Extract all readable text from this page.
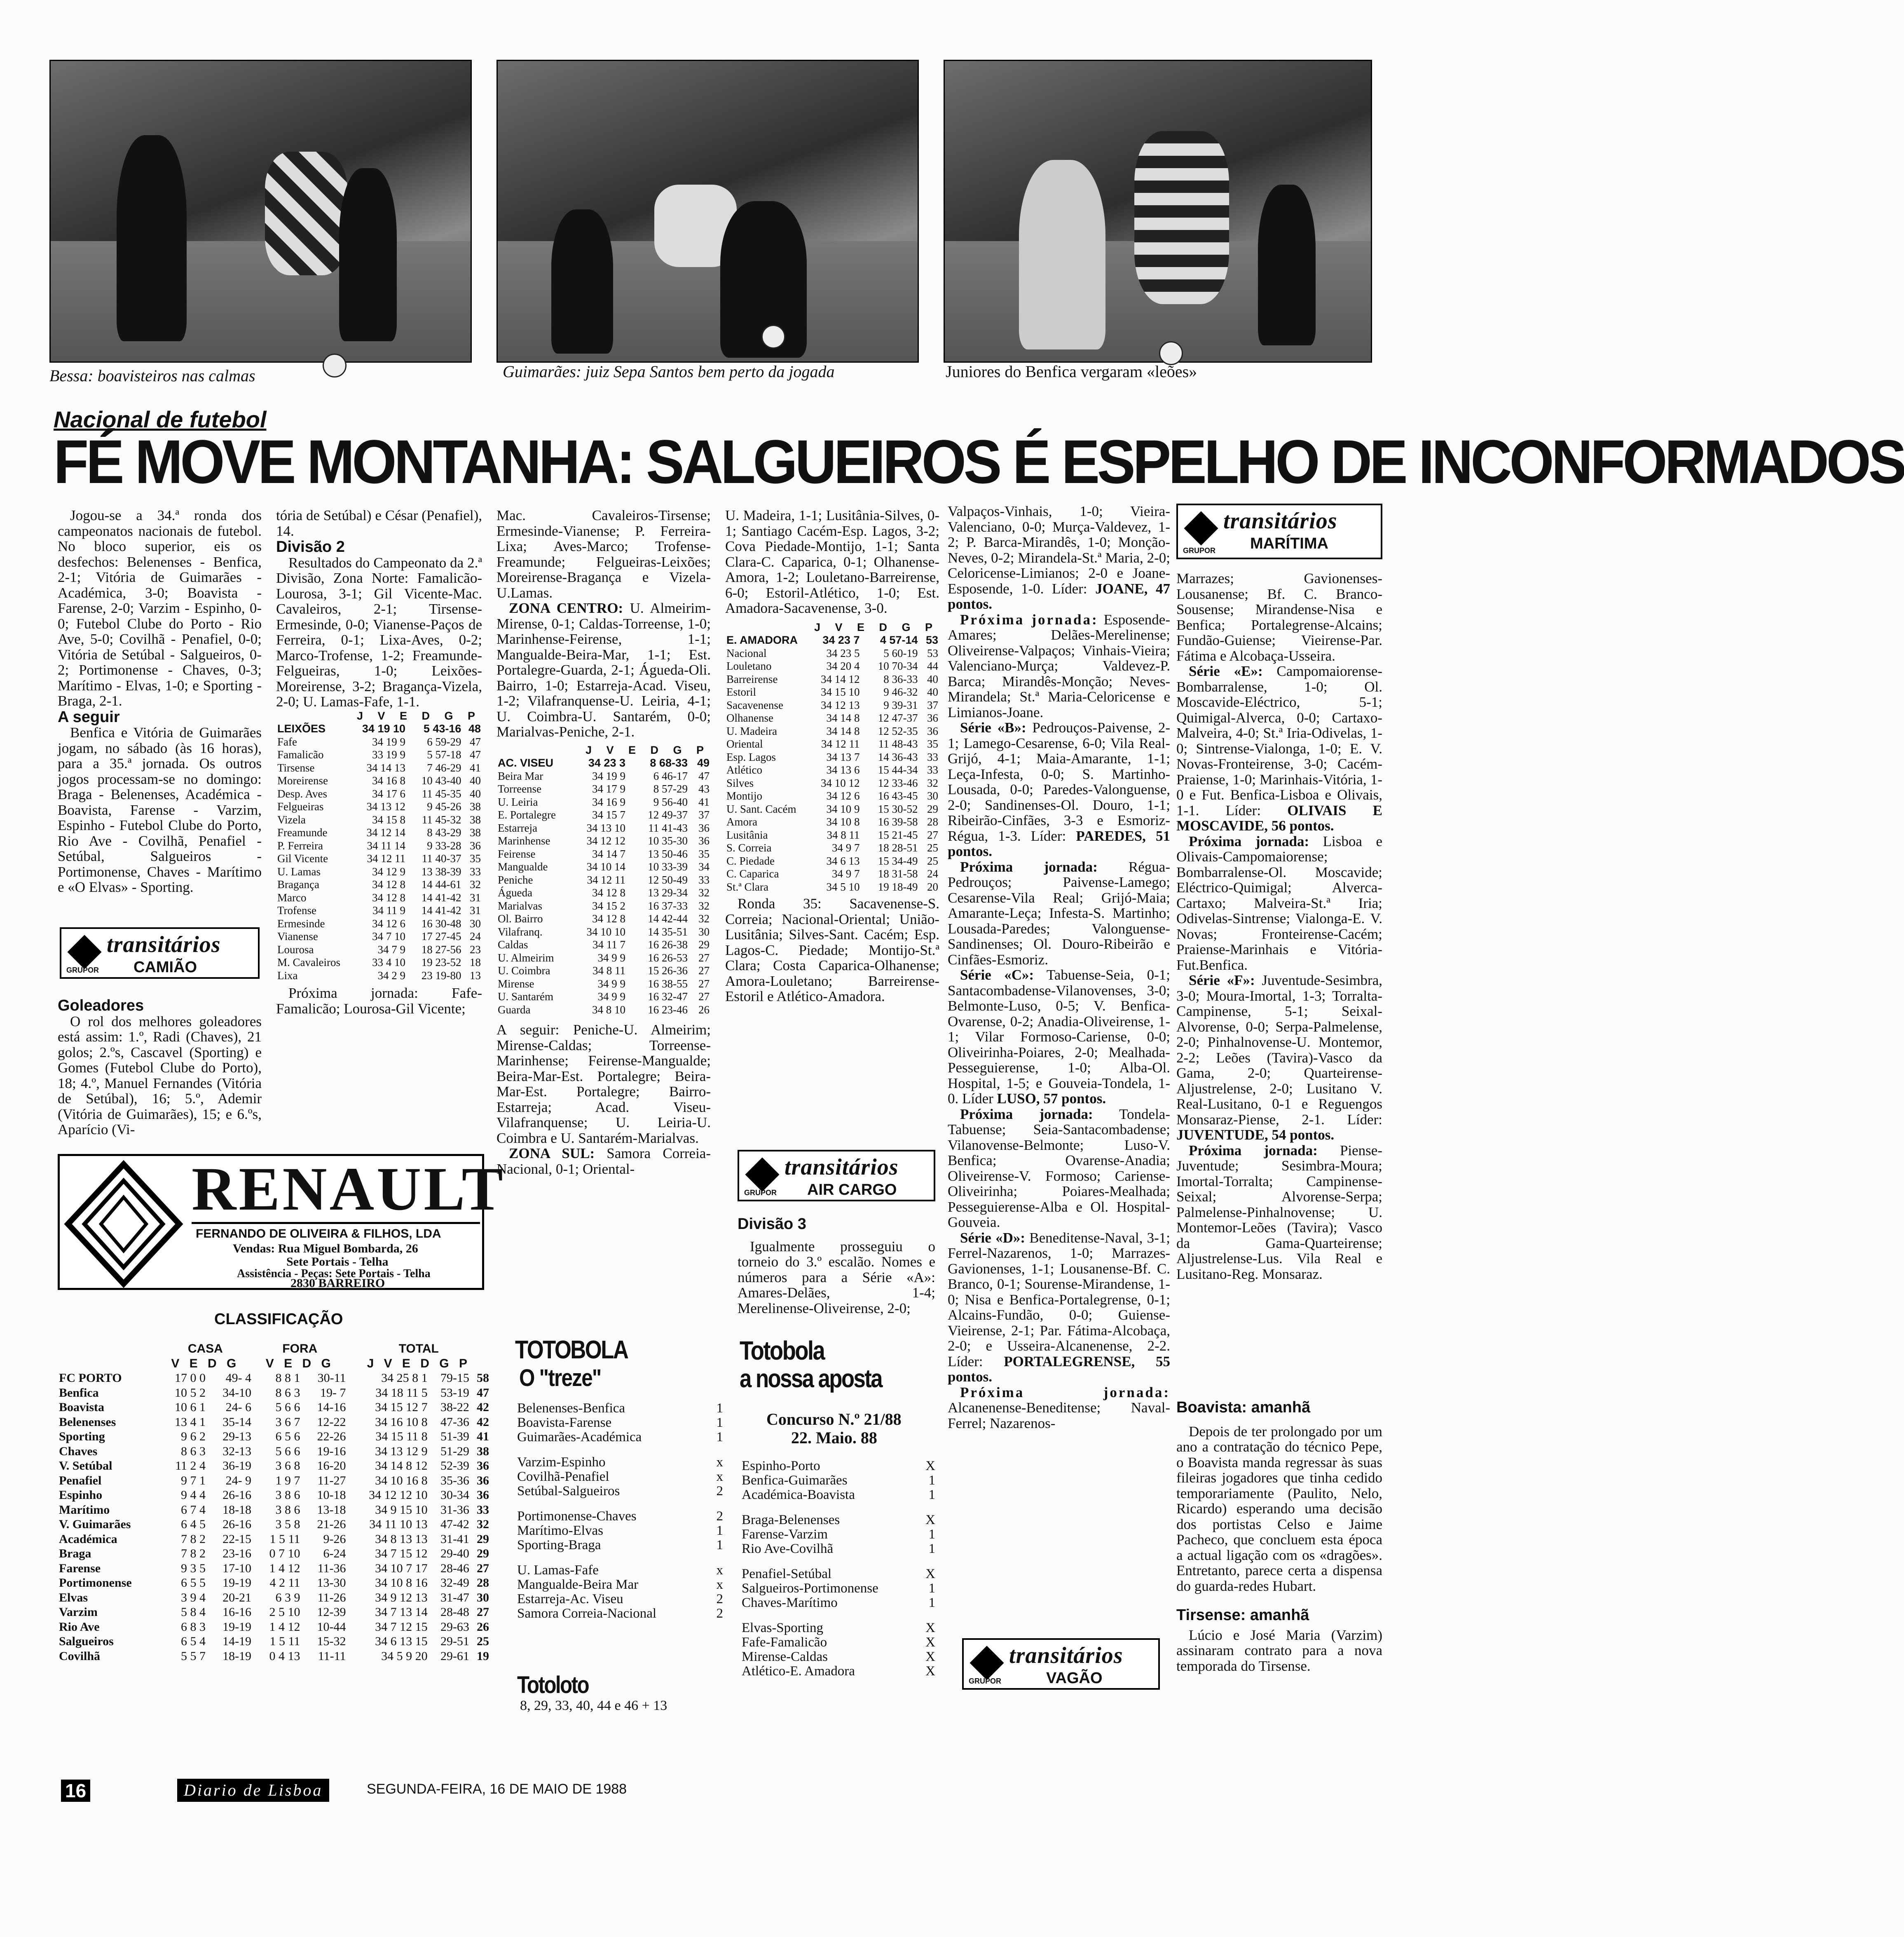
Bessa: boavisteiros nas calmas	Guimarães: juiz Sepa Santos bem perto da jogada	Juniores do Benfica vergaram «leões»
Nacional de futebol
FÉ MOVE MONTANHA: SALGUEIROS É ESPELHO DE INCONFORMADOS

Jogou-se a 34.ª ronda dos campeonatos nacionais de futebol. No bloco superior, eis os desfechos: Belenenses - Benfica, 2-1; Vitória de Guimarães - Académica, 3-0; Boavista - Farense, 2-0; Varzim - Espinho, 0-0; Futebol Clube do Porto - Rio Ave, 5-0; Covilhã - Penafiel, 0-0; Vitória de Setúbal - Salgueiros, 0-2; Portimonense - Chaves, 0-3; Marítimo - Elvas, 1-0; e Sporting - Braga, 2-1.

A seguir

Benfica e Vitória de Guimarães jogam, no sábado (às 16 horas), para a 35.ª jornada. Os outros jogos processam-se no domingo: Braga - Belenenses, Académica - Boavista, Farense - Varzim, Espinho - Futebol Clube do Porto, Rio Ave - Covilhã, Penafiel - Setúbal, Salgueiros - Portimonense, Chaves - Marítimo e «O Elvas» - Sporting.

transitários
CAMIÃO
GRUPOR
Goleadores

O rol dos melhores goleadores está assim: 1.º, Radi (Chaves), 21 golos; 2.ºs, Cascavel (Sporting) e Gomes (Futebol Clube do Porto), 18; 4.º, Manuel Fernandes (Vitória de Setúbal), 16; 5.º, Ademir (Vitória de Guimarães), 15; e 6.ºs, Aparício (Vi-

tória de Setúbal) e César (Penafiel), 14.

Divisão 2

Resultados do Campeonato da 2.ª Divisão, Zona Norte: Famalicão-Lourosa, 3-1; Gil Vicente-Mac. Cavaleiros, 2-1; Tirsense-Ermesinde, 0-0; Vianense-Paços de Ferreira, 0-1; Lixa-Aves, 0-2; Marco-Trofense, 1-2; Freamunde-Felgueiras, 1-0; Leixões-Moreirense, 3-2; Bragança-Vizela, 2-0; U. Lamas-Fafe, 1-1.

	J V E D G P		
LEIXÕES	34 19 10	5 43-16	48
Fafe	34 19 9	6 59-29	47
Famalicão	33 19 9	5 57-18	47
Tirsense	34 14 13	7 46-29	41
Moreirense	34 16 8	10 43-40	40
Desp. Aves	34 17 6	11 45-35	40
Felgueiras	34 13 12	9 45-26	38
Vizela	34 15 8	11 45-32	38
Freamunde	34 12 14	8 43-29	38
P. Ferreira	34 11 14	9 33-28	36
Gil Vicente	34 12 11	11 40-37	35
U. Lamas	34 12 9	13 38-39	33
Bragança	34 12 8	14 44-61	32
Marco	34 12 8	14 41-42	31
Trofense	34 11 9	14 41-42	31
Ermesinde	34 12 6	16 30-48	30
Vianense	34 7 10	17 27-45	24
Lourosa	34 7 9	18 27-56	23
M. Cavaleiros	33 4 10	19 23-52	18
Lixa	34 2 9	23 19-80	13

Próxima jornada: Fafe-Famalicão; Lourosa-Gil Vicente;

Mac. Cavaleiros-Tirsense; Ermesinde-Vianense; P. Ferreira-Lixa; Aves-Marco; Trofense-Freamunde; Felgueiras-Leixões; Moreirense-Bragança e Vizela-U.Lamas.

ZONA CENTRO: U. Almeirim-Mirense, 0-1; Caldas-Torreense, 1-0; Marinhense-Feirense, 1-1; Mangualde-Beira-Mar, 1-1; Est. Portalegre-Guarda, 2-1; Águeda-Oli. Bairro, 1-0; Estarreja-Acad. Viseu, 1-2; Vilafranquense-U. Leiria, 4-1; U. Coimbra-U. Santarém, 0-0; Marialvas-Peniche, 2-1.

	J V E D G P		
AC. VISEU	34 23 3	8 68-33	49
Beira Mar	34 19 9	6 46-17	47
Torreense	34 17 9	8 57-29	43
U. Leiria	34 16 9	9 56-40	41
E. Portalegre	34 15 7	12 49-37	37
Estarreja	34 13 10	11 41-43	36
Marinhense	34 12 12	10 35-30	36
Feirense	34 14 7	13 50-46	35
Mangualde	34 10 14	10 33-39	34
Peniche	34 12 11	12 50-49	33
Águeda	34 12 8	13 29-34	32
Marialvas	34 15 2	16 37-33	32
Ol. Bairro	34 12 8	14 42-44	32
Vilafranq.	34 10 10	14 35-51	30
Caldas	34 11 7	16 26-38	29
U. Almeirim	34 9 9	16 26-53	27
U. Coimbra	34 8 11	15 26-36	27
Mirense	34 9 9	16 38-55	27
U. Santarém	34 9 9	16 32-47	27
Guarda	34 8 10	16 23-46	26

A seguir: Peniche-U. Almeirim; Mirense-Caldas; Torreense-Marinhense; Feirense-Mangualde; Beira-Mar-Est. Portalegre; Beira-Mar-Est. Portalegre; Bairro-Estarreja; Acad. Viseu-Vilafranquense; U. Leiria-U. Coimbra e U. Santarém-Marialvas.

ZONA SUL: Samora Correia-Nacional, 0-1; Oriental-

U. Madeira, 1-1; Lusitânia-Silves, 0-1; Santiago Cacém-Esp. Lagos, 3-2; Cova Piedade-Montijo, 1-1; Santa Clara-C. Caparica, 0-1; Olhanense-Amora, 1-2; Louletano-Barreirense, 6-0; Estoril-Atlético, 1-0; Est. Amadora-Sacavenense, 3-0.

	J V E D G P		
E. AMADORA	34 23 7	4 57-14	53
Nacional	34 23 5	5 60-19	53
Louletano	34 20 4	10 70-34	44
Barreirense	34 14 12	8 36-33	40
Estoril	34 15 10	9 46-32	40
Sacavenense	34 12 13	9 39-31	37
Olhanense	34 14 8	12 47-37	36
U. Madeira	34 14 8	12 52-35	36
Oriental	34 12 11	11 48-43	35
Esp. Lagos	34 13 7	14 36-43	33
Atlético	34 13 6	15 44-34	33
Silves	34 10 12	12 33-46	32
Montijo	34 12 6	16 43-45	30
U. Sant. Cacém	34 10 9	15 30-52	29
Amora	34 10 8	16 39-58	28
Lusitânia	34 8 11	15 21-45	27
S. Correia	34 9 7	18 28-51	25
C. Piedade	34 6 13	15 34-49	25
C. Caparica	34 9 7	18 31-58	24
St.ª Clara	34 5 10	19 18-49	20

Ronda 35: Sacavenense-S. Correia; Nacional-Oriental; União-Lusitânia; Silves-Sant. Cacém; Esp. Lagos-C. Piedade; Montijo-St.ª Clara; Costa Caparica-Olhanense; Amora-Louletano; Barreirense-Estoril e Atlético-Amadora.

Valpaços-Vinhais, 1-0; Vieira-Valenciano, 0-0; Murça-Valdevez, 1-2; P. Barca-Mirandês, 1-0; Monção-Neves, 0-2; Mirandela-St.ª Maria, 2-0; Celoricense-Limianos; 2-0 e Joane-Esposende, 1-0. Líder: JOANE, 47 pontos.

Próxima jornada: Esposende-Amares; Delães-Merelinense; Oliveirense-Valpaços; Vinhais-Vieira; Valenciano-Murça; Valdevez-P. Barca; Mirandês-Monção; Neves-Mirandela; St.ª Maria-Celoricense e Limianos-Joane.

Série «B»: Pedrouços-Paivense, 2-1; Lamego-Cesarense, 6-0; Vila Real-Grijó, 4-1; Maia-Amarante, 1-1; Leça-Infesta, 0-0; S. Martinho-Lousada, 0-0; Paredes-Valonguense, 2-0; Sandinenses-Ol. Douro, 1-1; Ribeirão-Cinfães, 3-3 e Esmoriz-Régua, 1-3. Líder: PAREDES, 51 pontos.

Próxima jornada: Régua-Pedrouços; Paivense-Lamego; Cesarense-Vila Real; Grijó-Maia; Amarante-Leça; Infesta-S. Martinho; Lousada-Paredes; Valonguense-Sandinenses; Ol. Douro-Ribeirão e Cinfães-Esmoriz.

Série «C»: Tabuense-Seia, 0-1; Santacombadense-Vilanovenses, 3-0; Belmonte-Luso, 0-5; V. Benfica-Ovarense, 0-2; Anadia-Oliveirense, 1-1; Vilar Formoso-Cariense, 0-0; Oliveirinha-Poiares, 2-0; Mealhada-Pesseguierense, 1-0; Alba-Ol. Hospital, 1-5; e Gouveia-Tondela, 1-0. Líder LUSO, 57 pontos.

Próxima jornada: Tondela-Tabuense; Seia-Santacombadense; Vilanovense-Belmonte; Luso-V. Benfica; Ovarense-Anadia; Oliveirense-V. Formoso; Cariense-Oliveirinha; Poiares-Mealhada; Pesseguierense-Alba e Ol. Hospital-Gouveia.

Série «D»: Beneditense-Naval, 3-1; Ferrel-Nazarenos, 1-0; Marrazes-Gavionenses, 1-1; Lousanense-Bf. C. Branco, 0-1; Sourense-Mirandense, 1-0; Nisa e Benfica-Portalegrense, 0-1; Alcains-Fundão, 0-0; Guiense-Vieirense, 2-1; Par. Fátima-Alcobaça, 2-0; e Usseira-Alcanenense, 2-2. Líder: PORTALEGRENSE, 55 pontos.

Próxima jornada: Alcanenense-Beneditense; Naval-Ferrel; Nazarenos-

transitários
VAGÃO
GRUPOR
transitários
MARÍTIMA
GRUPOR

Marrazes; Gavionenses-Lousanense; Bf. C. Branco-Sousense; Mirandense-Nisa e Benfica; Portalegrense-Alcains; Fundão-Guiense; Vieirense-Par. Fátima e Alcobaça-Usseira.

Série «E»: Campomaiorense-Bombarralense, 1-0; Ol. Moscavide-Eléctrico, 5-1; Quimigal-Alverca, 0-0; Cartaxo-Malveira, 4-0; St.ª Iria-Odivelas, 1-0; Sintrense-Vialonga, 1-0; E. V. Novas-Fronteirense, 3-0; Cacém-Praiense, 1-0; Marinhais-Vitória, 1-0 e Fut. Benfica-Lisboa e Olivais, 1-1. Líder: OLIVAIS E MOSCAVIDE, 56 pontos.

Próxima jornada: Lisboa e Olivais-Campomaiorense; Bombarralense-Ol. Moscavide; Eléctrico-Quimigal; Alverca-Cartaxo; Malveira-St.ª Iria; Odivelas-Sintrense; Vialonga-E. V. Novas; Fronteirense-Cacém; Praiense-Marinhais e Vitória-Fut.Benfica.

Série «F»: Juventude-Sesimbra, 3-0; Moura-Imortal, 1-3; Torralta-Campinense, 5-1; Seixal-Alvorense, 0-0; Serpa-Palmelense, 2-0; Pinhalnovense-U. Montemor, 2-2; Leões (Tavira)-Vasco da Gama, 2-0; Quarteirense-Aljustrelense, 2-0; Lusitano V. Real-Lusitano, 0-1 e Reguengos Monsaraz-Piense, 2-1. Líder: JUVENTUDE, 54 pontos.

Próxima jornada: Piense-Juventude; Sesimbra-Moura; Imortal-Torralta; Campinense-Seixal; Alvorense-Serpa; Palmelense-Pinhalnovense; U. Montemor-Leões (Tavira); Vasco da Gama-Quarteirense; Aljustrelense-Lus. Vila Real e Lusitano-Reg. Monsaraz.

Boavista: amanhã

Depois de ter prolongado por um ano a contratação do técnico Pepe, o Boavista manda regressar às suas fileiras jogadores que tinha cedido temporariamente (Paulito, Nelo, Ricardo) esperando uma decisão dos portistas Celso e Jaime Pacheco, que concluem esta época a actual ligação com os «dragões». Entretanto, parece certa a dispensa do guarda-redes Hubart.

Tirsense: amanhã

Lúcio e José Maria (Varzim) assinaram contrato para a nova temporada do Tirsense.

RENAULT
FERNANDO DE OLIVEIRA & FILHOS, LDA
Vendas: Rua Miguel Bombarda, 26
Sete Portais - Telha
Assistência - Peças: Sete Portais - Telha
2830 BARREIRO
CLASSIFICAÇÃO
	CASA		FORA		TOTAL		
	V E D G		V E D G		J V E D G P		
FC PORTO	17 0 0	49- 4	8 8 1	30-11	34 25 8 1	79-15	58
Benfica	10 5 2	34-10	8 6 3	19- 7	34 18 11 5	53-19	47
Boavista	10 6 1	24- 6	5 6 6	14-16	34 15 12 7	38-22	42
Belenenses	13 4 1	35-14	3 6 7	12-22	34 16 10 8	47-36	42
Sporting	9 6 2	29-13	6 5 6	22-26	34 15 11 8	51-39	41
Chaves	8 6 3	32-13	5 6 6	19-16	34 13 12 9	51-29	38
V. Setúbal	11 2 4	36-19	3 6 8	16-20	34 14 8 12	52-39	36
Penafiel	9 7 1	24- 9	1 9 7	11-27	34 10 16 8	35-36	36
Espinho	9 4 4	26-16	3 8 6	10-18	34 12 12 10	30-34	36
Marítimo	6 7 4	18-18	3 8 6	13-18	34 9 15 10	31-36	33
V. Guimarães	6 4 5	26-16	3 5 8	21-26	34 11 10 13	47-42	32
Académica	7 8 2	22-15	1 5 11	9-26	34 8 13 13	31-41	29
Braga	7 8 2	23-16	0 7 10	6-24	34 7 15 12	29-40	29
Farense	9 3 5	17-10	1 4 12	11-36	34 10 7 17	28-46	27
Portimonense	6 5 5	19-19	4 2 11	13-30	34 10 8 16	32-49	28
Elvas	3 9 4	20-21	6 3 9	11-26	34 9 12 13	31-47	30
Varzim	5 8 4	16-16	2 5 10	12-39	34 7 13 14	28-48	27
Rio Ave	6 8 3	19-19	1 4 12	10-44	34 7 12 15	29-63	26
Salgueiros	6 5 4	14-19	1 5 11	15-32	34 6 13 15	29-51	25
Covilhã	5 5 7	18-19	0 4 13	11-11	34 5 9 20	29-61	19
TOTOBOLA
O "treze"
Belenenses-Benfica	1
Boavista-Farense	1
Guimarães-Académica	1
Varzim-Espinho	x
Covilhã-Penafiel	x
Setúbal-Salgueiros	2
Portimonense-Chaves	2
Marítimo-Elvas	1
Sporting-Braga	1
U. Lamas-Fafe	x
Mangualde-Beira Mar	x
Estarreja-Ac. Viseu	2
Samora Correia-Nacional	2
Totoloto
8, 29, 33, 40, 44 e 46 + 13
transitários
AIR CARGO
GRUPOR
Divisão 3

Igualmente prosseguiu o torneio do 3.º escalão. Nomes e números para a Série «A»: Amares-Delães, 1-4; Merelinense-Oliveirense, 2-0;

Totobola
a nossa aposta
Concurso N.º 21/88
22. Maio. 88
Espinho-Porto	X
Benfica-Guimarães	1
Académica-Boavista	1
Braga-Belenenses	X
Farense-Varzim	1
Rio Ave-Covilhã	1
Penafiel-Setúbal	X
Salgueiros-Portimonense	1
Chaves-Marítimo	1
Elvas-Sporting	X
Fafe-Famalicão	X
Mirense-Caldas	X
Atlético-E. Amadora	X
16	Diario de Lisboa	SEGUNDA-FEIRA, 16 DE MAIO DE 1988
